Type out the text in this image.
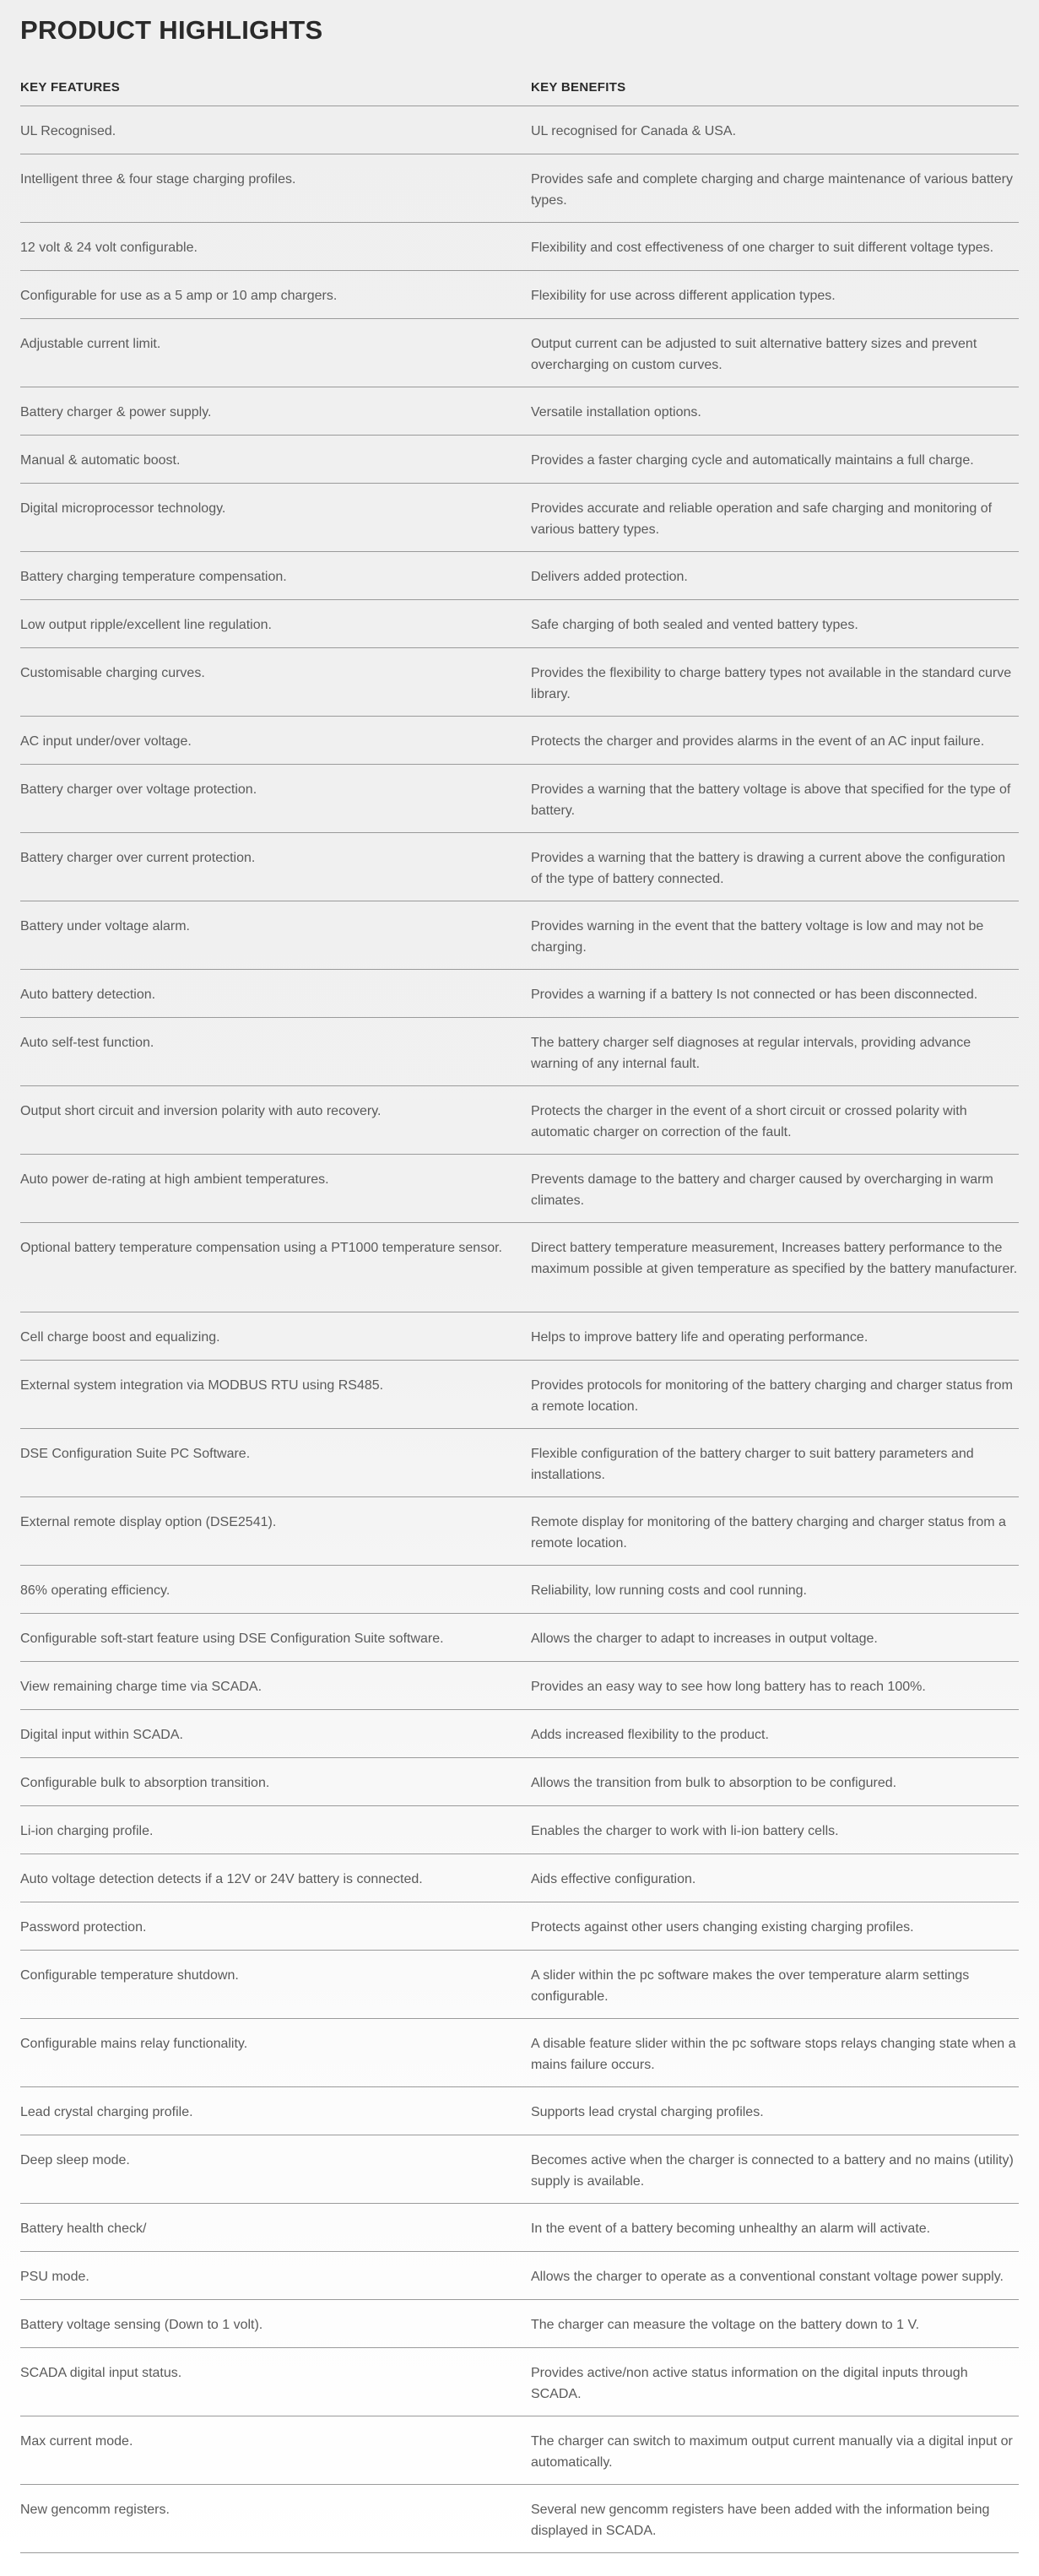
PRODUCT HIGHLIGHTS
KEY FEATURES	KEY BENEFITS
UL Recognised.	UL recognised for Canada & USA.
Intelligent three & four stage charging profiles.	Provides safe and complete charging and charge maintenance of various battery types.
12 volt & 24 volt configurable.	Flexibility and cost effectiveness of one charger to suit different voltage types.
Configurable for use as a 5 amp or 10 amp chargers.	Flexibility for use across different application types.
Adjustable current limit.	Output current can be adjusted to suit alternative battery sizes and prevent overcharging on custom curves.
Battery charger & power supply.	Versatile installation options.
Manual & automatic boost.	Provides a faster charging cycle and automatically maintains a full charge.
Digital microprocessor technology.	Provides accurate and reliable operation and safe charging and monitoring of various battery types.
Battery charging temperature compensation.	Delivers added protection.
Low output ripple/excellent line regulation.	Safe charging of both sealed and vented battery types.
Customisable charging curves.	Provides the flexibility to charge battery types not available in the standard curve library.
AC input under/over voltage.	Protects the charger and provides alarms in the event of an AC input failure.
Battery charger over voltage protection.	Provides a warning that the battery voltage is above that specified for the type of battery.
Battery charger over current protection.	Provides a warning that the battery is drawing a current above the configuration of the type of battery connected.
Battery under voltage alarm.	Provides warning in the event that the battery voltage is low and may not be charging.
Auto battery detection.	Provides a warning if a battery Is not connected or has been disconnected.
Auto self-test function.	The battery charger self diagnoses at regular intervals, providing advance warning of any internal fault.
Output short circuit and inversion polarity with auto recovery.	Protects the charger in the event of a short circuit or crossed polarity with automatic charger on correction of the fault.
Auto power de-rating at high ambient temperatures.	Prevents damage to the battery and charger caused by overcharging in warm climates.
Optional battery temperature compensation using a PT1000 temperature sensor.	Direct battery temperature measurement, Increases battery performance to the maximum possible at given temperature as specified by the battery manufacturer.
Cell charge boost and equalizing.	Helps to improve battery life and operating performance.
External system integration via MODBUS RTU using RS485.	Provides protocols for monitoring of the battery charging and charger status from a remote location.
DSE Configuration Suite PC Software.	Flexible configuration of the battery charger to suit battery parameters and installations.
External remote display option (DSE2541).	Remote display for monitoring of the battery charging and charger status from a remote location.
86% operating efficiency.	Reliability, low running costs and cool running.
Configurable soft-start feature using DSE Configuration Suite software.	Allows the charger to adapt to increases in output voltage.
View remaining charge time via SCADA.	Provides an easy way to see how long battery has to reach 100%.
Digital input within SCADA.	Adds increased flexibility to the product.
Configurable bulk to absorption transition.	Allows the transition from bulk to absorption to be configured.
Li-ion charging profile.	Enables the charger to work with li-ion battery cells.
Auto voltage detection detects if a 12V or 24V battery is connected.	Aids effective configuration.
Password protection.	Protects against other users changing existing charging profiles.
Configurable temperature shutdown.	A slider within the pc software makes the over temperature alarm settings configurable.
Configurable mains relay functionality.	A disable feature slider within the pc software stops relays changing state when a mains failure occurs.
Lead crystal charging profile.	Supports lead crystal charging profiles.
Deep sleep mode.	Becomes active when the charger is connected to a battery and no mains (utility) supply is available.
Battery health check/	In the event of a battery becoming unhealthy an alarm will activate.
PSU mode.	Allows the charger to operate as a conventional constant voltage power supply.
Battery voltage sensing (Down to 1 volt).	The charger can measure the voltage on the battery down to 1 V.
SCADA digital input status.	Provides active/non active status information on the digital inputs through SCADA.
Max current mode.	The charger can switch to maximum output current manually via a digital input or automatically.
New gencomm registers.	Several new gencomm registers have been added with the information being displayed in SCADA.
